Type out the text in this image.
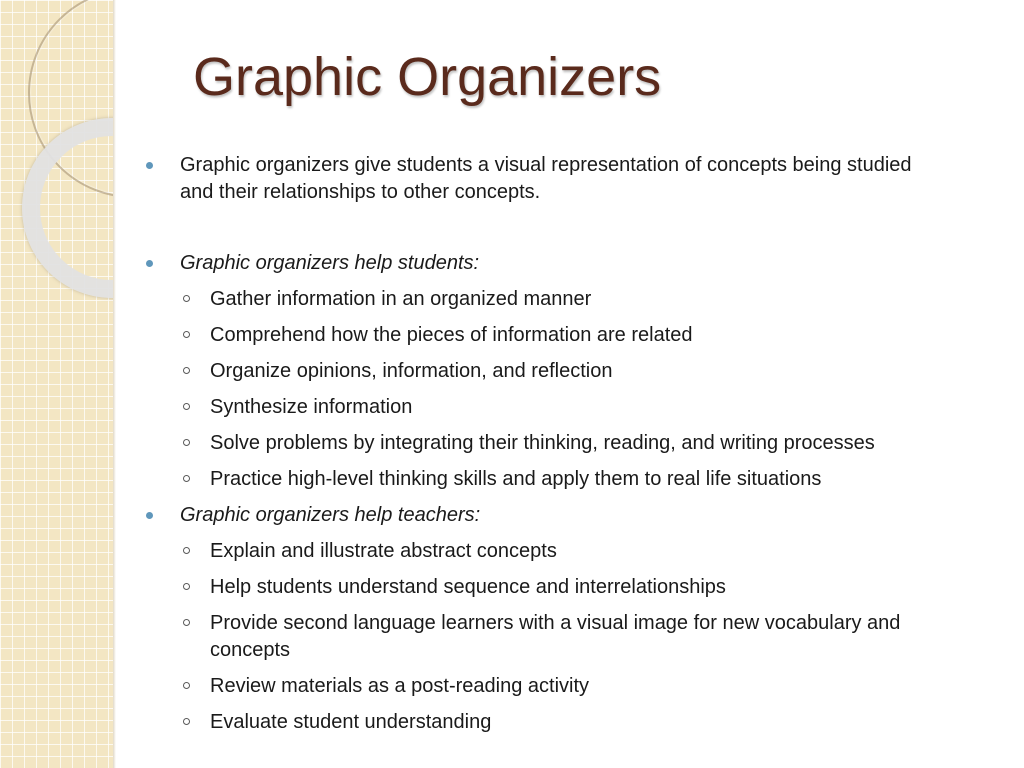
Graphic Organizers
Graphic organizers give students a visual representation of concepts being studied and their relationships to other concepts.
Graphic organizers help students:
Gather information in an organized manner
Comprehend how the pieces of information are related
Organize opinions, information, and reflection
Synthesize information
Solve problems by integrating their thinking, reading, and writing processes
Practice high-level thinking skills and apply them to real life situations
Graphic organizers help teachers:
Explain and illustrate abstract concepts
Help students understand sequence and interrelationships
Provide second language learners with a visual image for new vocabulary and concepts
Review materials as a post-reading activity
Evaluate student understanding
